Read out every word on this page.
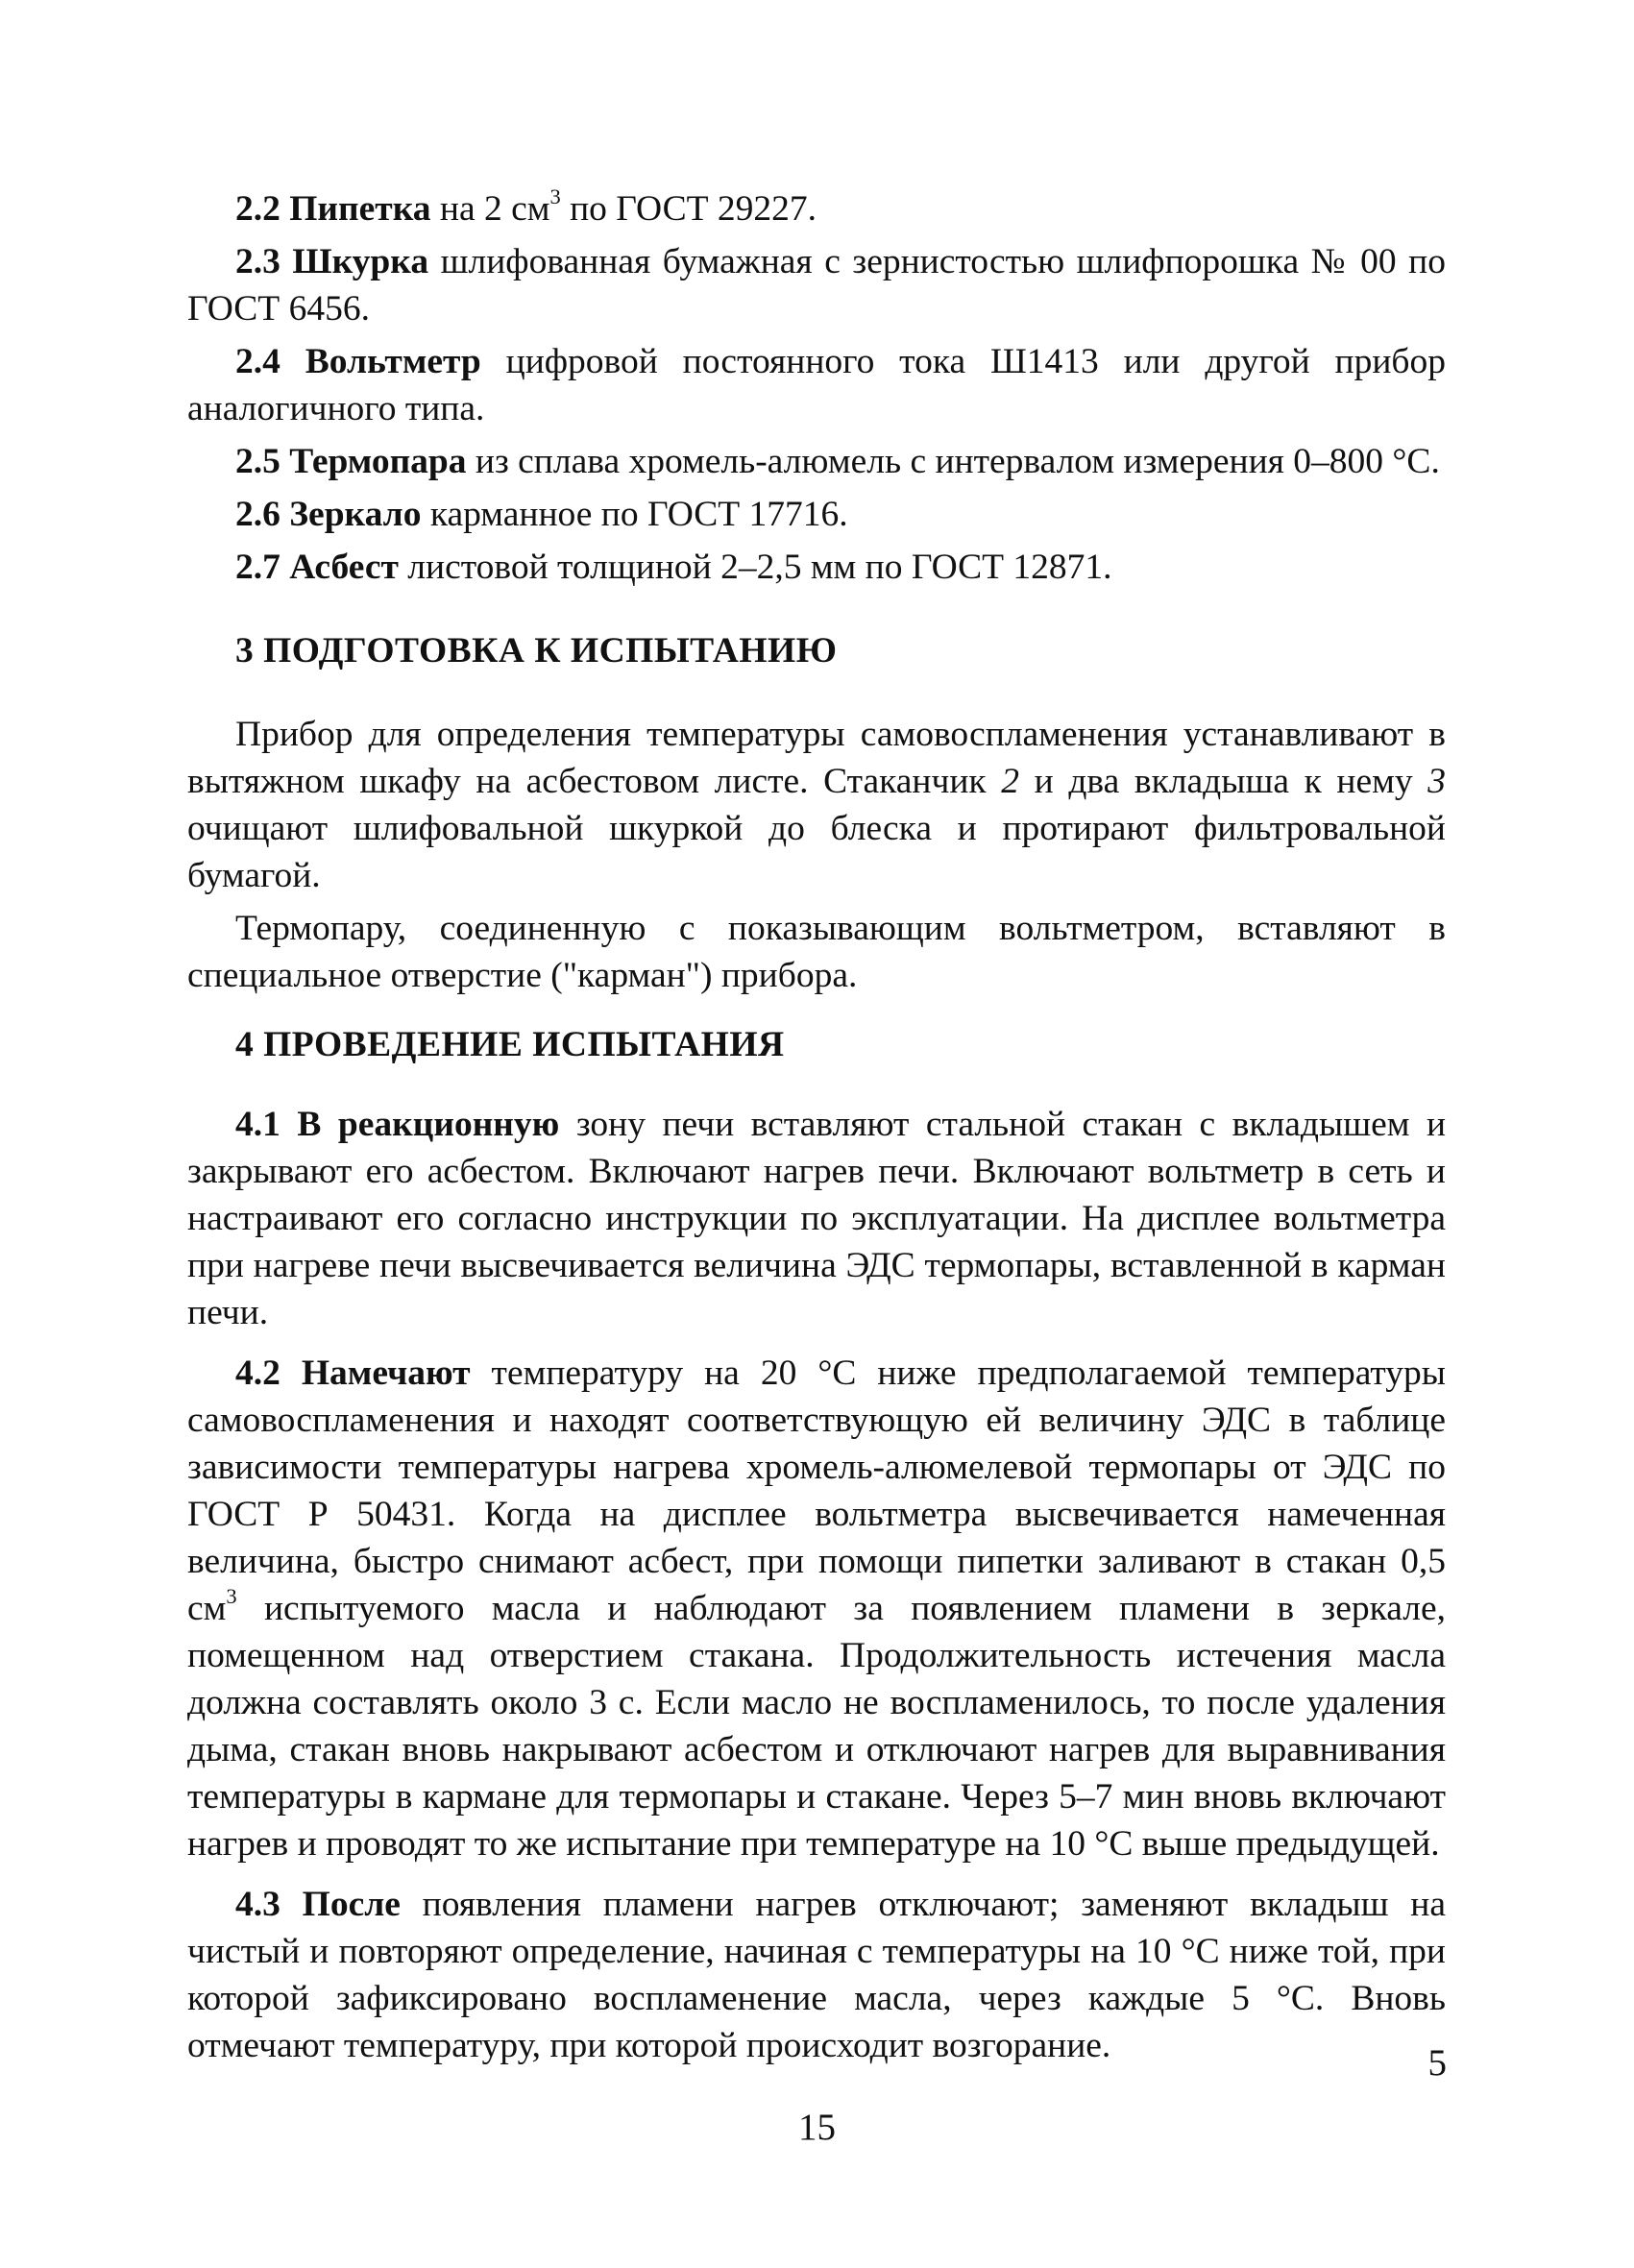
2.2 Пипетка на 2 $см^3$ по ГОСТ 29227.

2.3 Шкурка шлифованная бумажная с зернистостью шлифпорошка № 00 по ГОСТ 6456.

2.4 Вольтметр цифровой постоянного тока Ш1413 или другой прибор аналогичного типа.

2.5 Термопара из сплава хромель-алюмель с интервалом измерения 0–800 °С.

2.6 Зеркало карманное по ГОСТ 17716.

2.7 Асбест листовой толщиной 2–2,5 мм по ГОСТ 12871.

3 ПОДГОТОВКА К ИСПЫТАНИЮ

Прибор для определения температуры самовоспламенения устанавливают в вытяжном шкафу на асбестовом листе. Стаканчик 2 и два вкладыша к нему 3 очищают шлифовальной шкуркой до блеска и протирают фильтровальной бумагой.

Термопару, соединенную с показывающим вольтметром, вставляют в специальное отверстие ("карман") прибора.

4 ПРОВЕДЕНИЕ ИСПЫТАНИЯ

4.1 В реакционную зону печи вставляют стальной стакан с вкладышем и закрывают его асбестом. Включают нагрев печи. Включают вольтметр в сеть и настраивают его согласно инструкции по эксплуатации. На дисплее вольтметра при нагреве печи высвечивается величина ЭДС термопары, вставленной в карман печи.

4.2 Намечают температуру на 20 °С ниже предполагаемой температуры самовоспламенения и находят соответствующую ей величину ЭДС в таблице зависимости температуры нагрева хромель-алюмелевой термопары от ЭДС по ГОСТ Р 50431. Когда на дисплее вольтметра высвечивается намеченная величина, быстро снимают асбест, при помощи пипетки заливают в стакан 0,5 $см^3$ испытуемого масла и наблюдают за появлением пламени в зеркале, помещенном над отверстием стакана. Продолжительность истечения масла должна составлять около 3 с. Если масло не воспламенилось, то после удаления дыма, стакан вновь накрывают асбестом и отключают нагрев для выравнивания температуры в кармане для термопары и стакане. Через 5–7 мин вновь включают нагрев и проводят то же испытание при температуре на 10 °С выше предыдущей.

4.3 После появления пламени нагрев отключают; заменяют вкладыш на чистый и повторяют определение, начиная с температуры на 10 °С ниже той, при которой зафиксировано воспламенение масла, через каждые 5 °С. Вновь отмечают температуру, при которой происходит возгорание.	5
15
